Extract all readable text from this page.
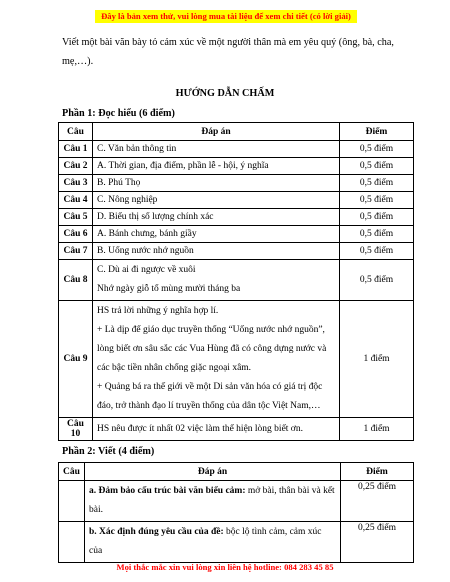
Đây là bản xem thử, vui lòng mua tài liệu để xem chi tiết (có lời giải)
Viết một bài văn bày tỏ cảm xúc về một người thân mà em yêu quý (ông, bà, cha, mẹ,…).
HƯỚNG DẪN CHẤM
Phần 1: Đọc hiểu (6 điểm)
Câu	Đáp án	Điểm
Câu 1	C. Văn bản thông tin	0,5 điểm
Câu 2	A. Thời gian, địa điểm, phần lễ - hội, ý nghĩa	0,5 điểm
Câu 3	B. Phú Thọ	0,5 điểm
Câu 4	C. Nông nghiệp	0,5 điểm
Câu 5	D. Biểu thị số lượng chính xác	0,5 điểm
Câu 6	A. Bánh chưng, bánh giầy	0,5 điểm
Câu 7	B. Uống nước nhớ nguồn	0,5 điểm
Câu 8	C. Dù ai đi ngược về xuôi
Nhớ ngày giỗ tổ mùng mười tháng ba	0,5 điểm
Câu 9	HS trả lời những ý nghĩa hợp lí.
+ Là dịp để giáo dục truyền thống “Uống nước nhớ nguồn”, lòng biết ơn sâu sắc các Vua Hùng đã có công dựng nước và các bậc tiền nhân chống giặc ngoại xâm.
+ Quảng bá ra thế giới về một Di sản văn hóa có giá trị độc đáo, trở thành đạo lí truyền thống của dân tộc Việt Nam,…	1 điểm
Câu 10	HS nêu được ít nhất 02 việc làm thể hiện lòng biết ơn.	1 điểm
Phần 2: Viết (4 điểm)
Câu	Đáp án	Điểm
	a. Đảm bảo cấu trúc bài văn biểu cảm: mở bài, thân bài và kết bài.	0,25 điểm
	b. Xác định đúng yêu cầu của đề: bộc lộ tình cảm, cảm xúc của	0,25 điểm
Mọi thắc mắc xin vui lòng xin liên hệ hotline: 084 283 45 85
